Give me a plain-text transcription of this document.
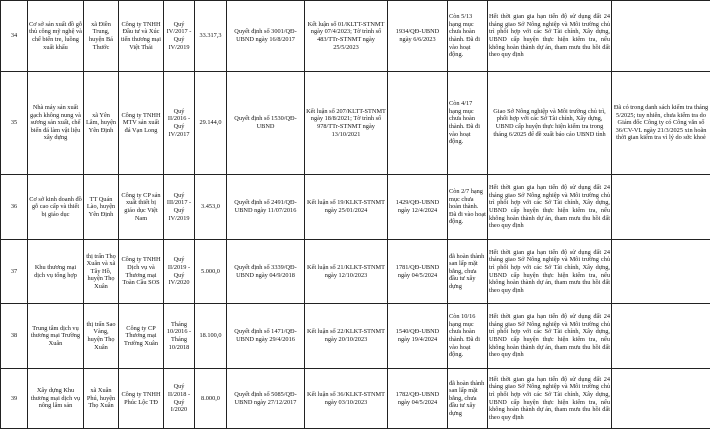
34	Cơ sở sản xuất đồ gỗ thủ công mỹ nghệ và chế biến tre, luồng xuất khẩu	xã Điền Trung, huyện Bá Thước	Công ty TNHH Đầu tư và Xúc tiến thương mại Việt Thái	Quý IV/2017 - Quý IV/2019	33.317,3	Quyết định số 3001/QĐ-UBND ngày 16/8/2017	Kết luận số 01/KLTT-STNMT ngày 07/4/2023; Tờ trình số 483/TTr-STNMT ngày 25/5/2023	1934/QĐ-UBND ngày 6/6/2023	Còn 5/13 hạng mục chưa hoàn thành. Đã đi vào hoạt động.	Hết thời gian gia hạn tiến độ sử dụng đất 24 tháng giao Sở Nông nghiệp và Môi trường chủ trì phối hợp với các Sở Tài chính, Xây dựng, UBND cấp huyện thực hiện kiểm tra, nếu không hoàn thành dự án, tham mưu thu hồi đất theo quy định	
35	Nhà máy sản xuất gạch không nung và sương sản xuất, chế biến đá làm vật liệu xây dựng	xã Yên Lâm, huyện Yên Định	Công ty TNHH MTV sản xuất đá Vạn Long	Quý II/2016 - Quý IV/2017	29.144,0	Quyết định số 1530/QĐ-UBND	Kết luận số 207/KLTT-STNMT ngày 18/8/2021; Tờ trình số 978/TTr-STNMT ngày 13/10/2021		Còn 4/17 hạng mục chưa hoàn thành. Đã đi vào hoạt động.	Giao Sở Nông nghiệp và Môi trường chủ trì, phối hợp với các Sở Tài chính, Xây dựng, UBND cấp huyện thực hiện kiểm tra trong tháng 6/2025 để đề xuất báo cáo UBND tỉnh	Đã có trong danh sách kiểm tra tháng 5/2025; tuy nhiên, chưa kiểm tra do Giám đốc Công ty có Công văn số 36/CV-VL ngày 21/3/2025 xin hoãn thời gian kiểm tra vì lý do sức khoẻ
36	Cơ sở kinh doanh đồ gỗ cao cấp và thiết bị giáo dục	TT Quán Lào, huyện Yên Định	Công ty CP sản xuất thiết bị giáo dục Việt Nam	Quý III/2017 - Quý IV/2019	3.453,0	Quyết định số 2491/QĐ-UBND ngày 11/07/2016	Kết luận số 19/KLKT-STNMT ngày 25/01/2024	1429/QĐ-UBND ngày 12/4/2024	Còn 2/7 hạng mục chưa hoàn thành. Đã đi vào hoạt động.	Hết thời gian gia hạn tiến độ sử dụng đất 24 tháng giao Sở Nông nghiệp và Môi trường chủ trì phối hợp với các Sở Tài chính, Xây dựng, UBND cấp huyện thực hiện kiểm tra, nếu không hoàn thành dự án, tham mưu thu hồi đất theo quy định	
37	Khu thương mại dịch vụ tổng hợp	thị trấn Thọ Xuân và xã Tây Hồ, huyện Thọ Xuân	Công ty TNHH Dịch vụ và Thương mại Toàn Cầu SOS	Quý II/2019 - Quý IV/2020	5.000,0	Quyết định số 3339/QĐ-UBND ngày 04/9/2018	Kết luận số 21/KLKT-STNMT ngày 12/10/2023	1781/QĐ-UBND ngày 04/5/2024	đã hoàn thành san lấp mặt bằng, chưa đầu tư xây dựng	Hết thời gian gia hạn tiến độ sử dụng đất 24 tháng giao Sở Nông nghiệp và Môi trường chủ trì phối hợp với các Sở Tài chính, Xây dựng, UBND cấp huyện thực hiện kiểm tra, nếu không hoàn thành dự án, tham mưu thu hồi đất theo quy định	
38	Trung tâm dịch vụ thương mại Trường Xuân	thị trấn Sao Vàng, huyện Thọ Xuân	Công ty CP Thương mại Trường Xuân	Tháng 10/2016 - Tháng 10/2018	18.100,0	Quyết định số 1471/QĐ-UBND ngày 29/4/2016	Kết luận số 22/KLKT-STNMT ngày 20/10/2023	1540/QĐ-UBND ngày 19/4/2024	Còn 10/16 hạng mục chưa hoàn thành. Đã đi vào hoạt động.	Hết thời gian gia hạn tiến độ sử dụng đất 24 tháng giao Sở Nông nghiệp và Môi trường chủ trì phối hợp với các Sở Tài chính, Xây dựng, UBND cấp huyện thực hiện kiểm tra, nếu không hoàn thành dự án, tham mưu thu hồi đất theo quy định	
39	Xây dựng Khu thương mại dịch vụ nông lâm sản	xã Xuân Phú, huyện Thọ Xuân	Công ty TNHH Phúc Lộc TĐ	Quý II/2018 - Quý I/2020	8.000,0	Quyết định số 5085/QĐ-UBND ngày 27/12/2017	Kết luận số 36/KLKT-STNMT ngày 03/10/2023	1782/QĐ-UBND ngày 04/5/2024	đã hoàn thành san lấp mặt bằng, chưa đầu tư xây dựng	Hết thời gian gia hạn tiến độ sử dụng đất 24 tháng giao Sở Nông nghiệp và Môi trường chủ trì phối hợp với các Sở Tài chính, Xây dựng, UBND cấp huyện thực hiện kiểm tra, nếu không hoàn thành dự án, tham mưu thu hồi đất theo quy định	
